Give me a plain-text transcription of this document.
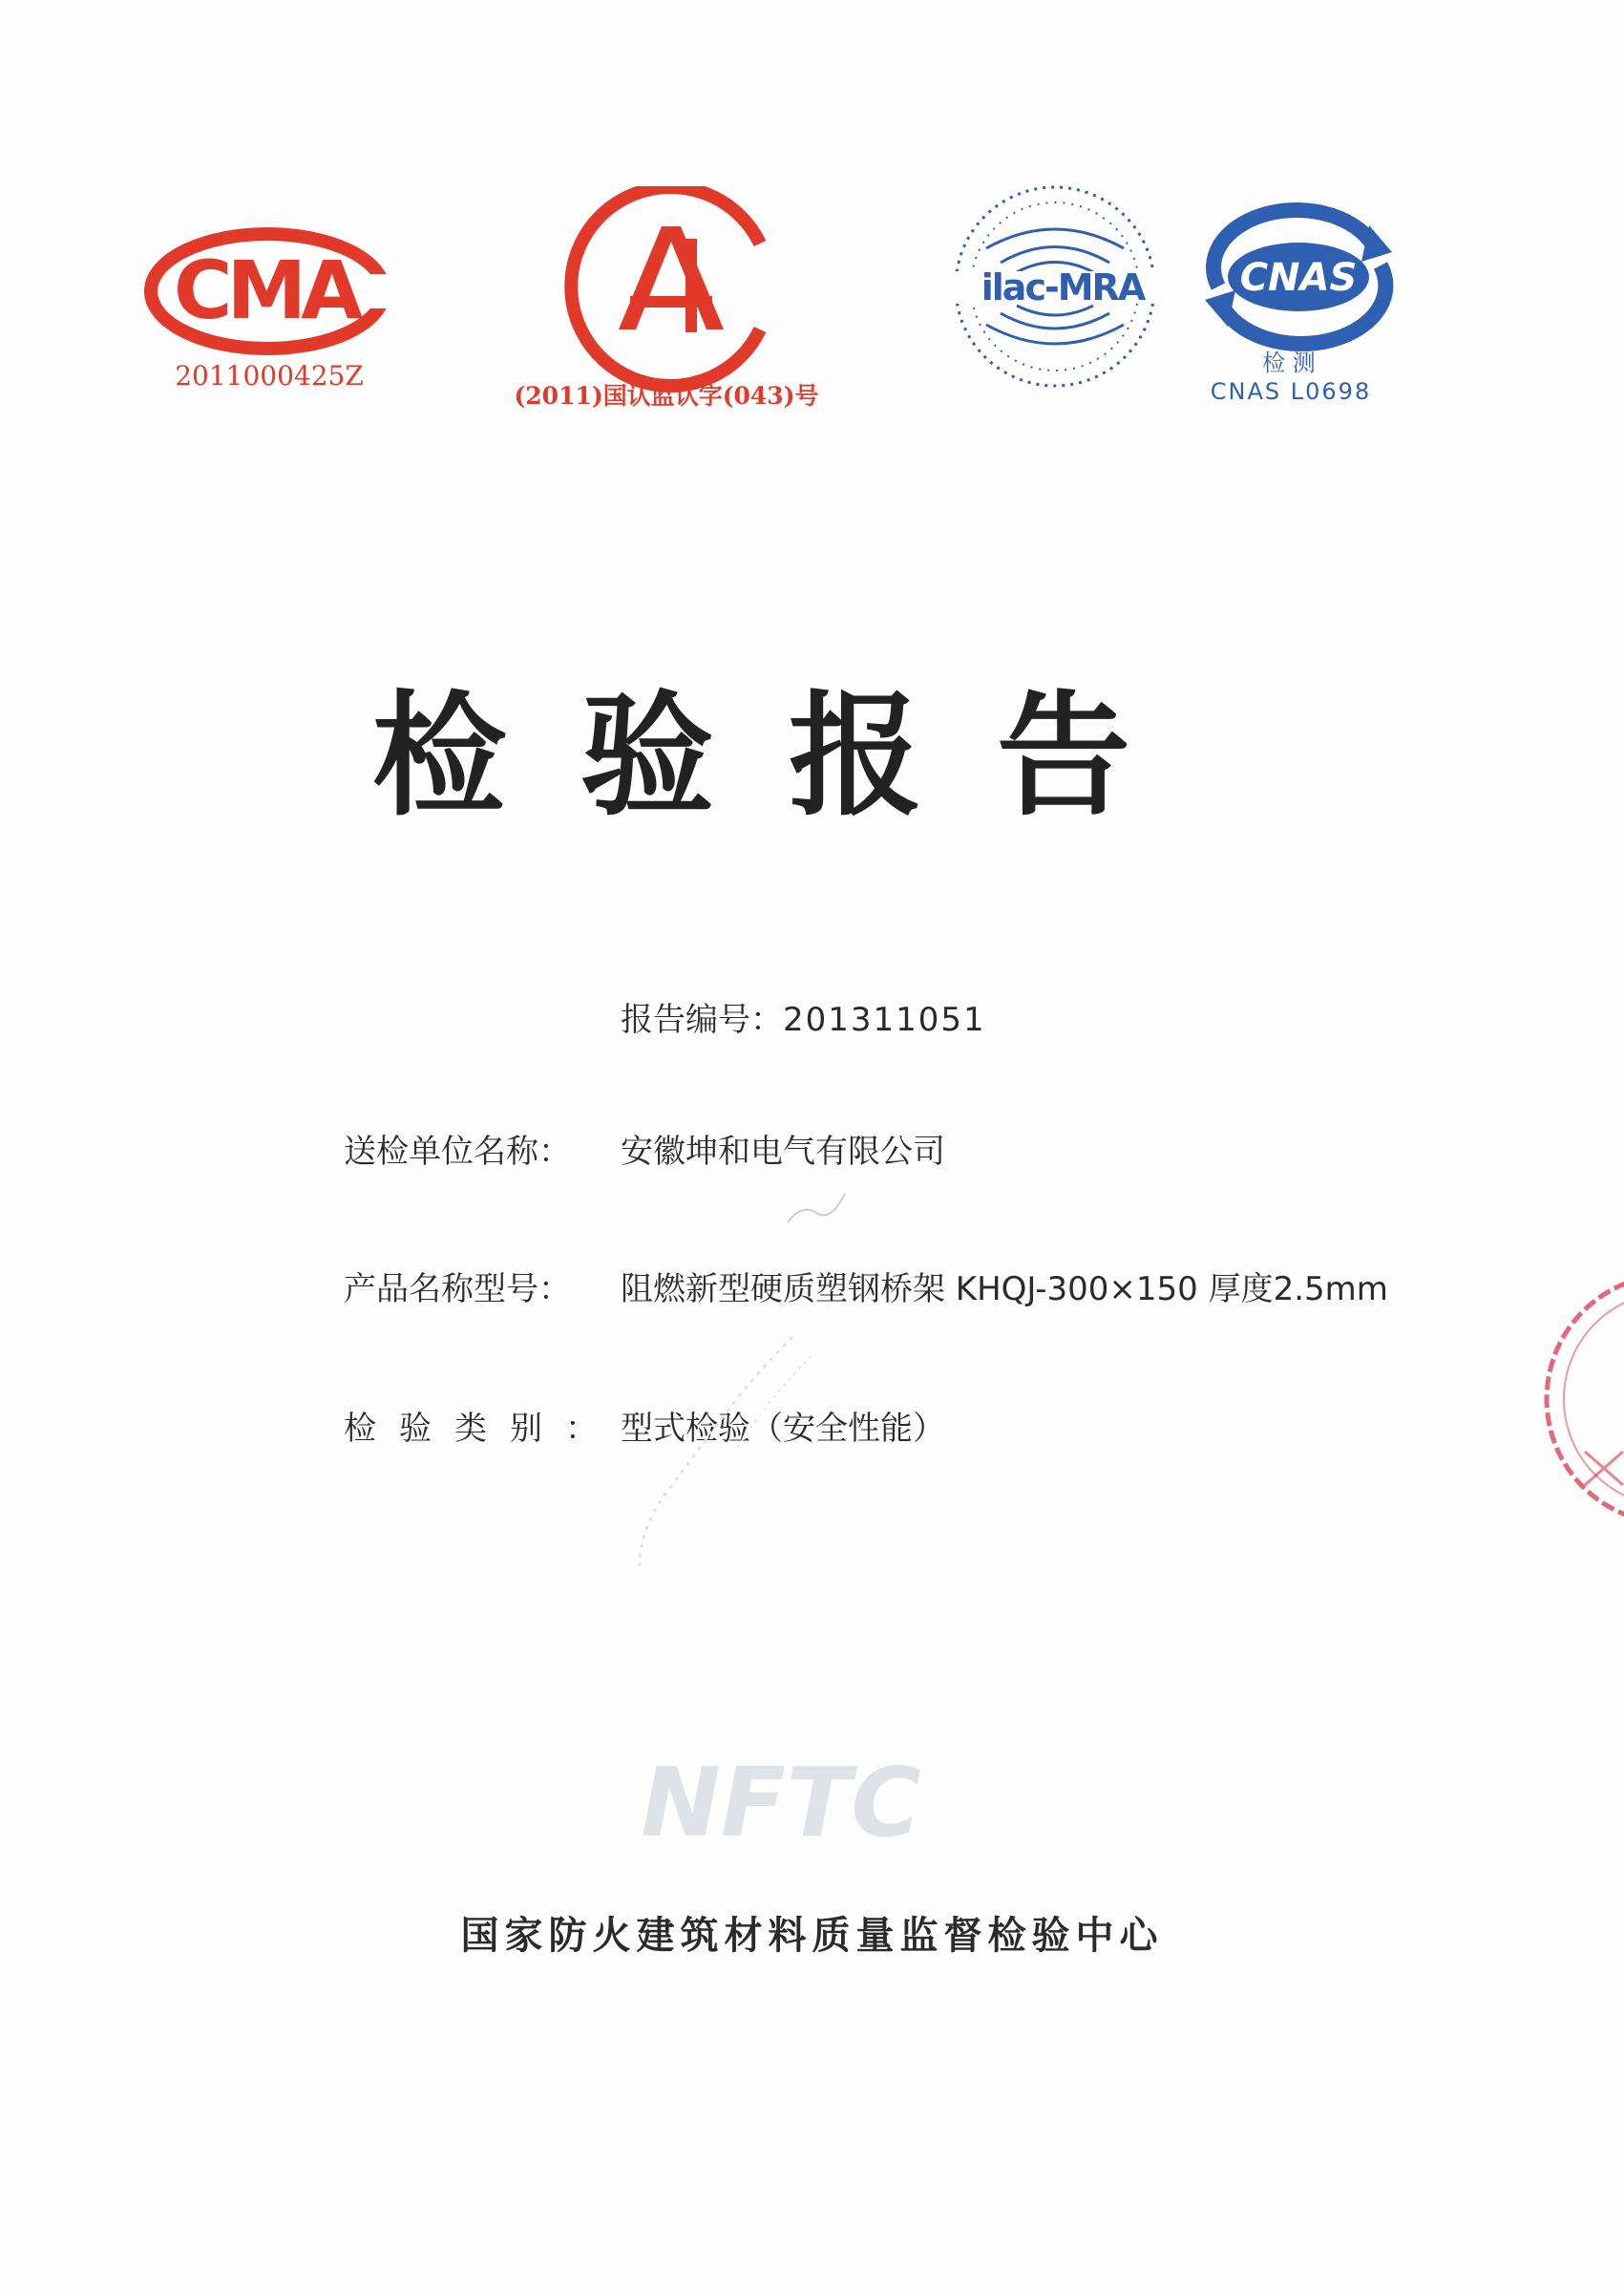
CMA
2011000425Z
(2011)国认监认字(043)号
ilac-MRA	CNAS
检 测
CNAS L0698
检验报告
报告编号：201311051
送检单位名称： 安徽坤和电气有限公司
产品名称型号： 阻燃新型硬质塑钢桥架 KHQJ-300×150 厚度2.5mm
检验类别：型式检验（安全性能）
NFTC
国家防火建筑材料质量监督检验中心
